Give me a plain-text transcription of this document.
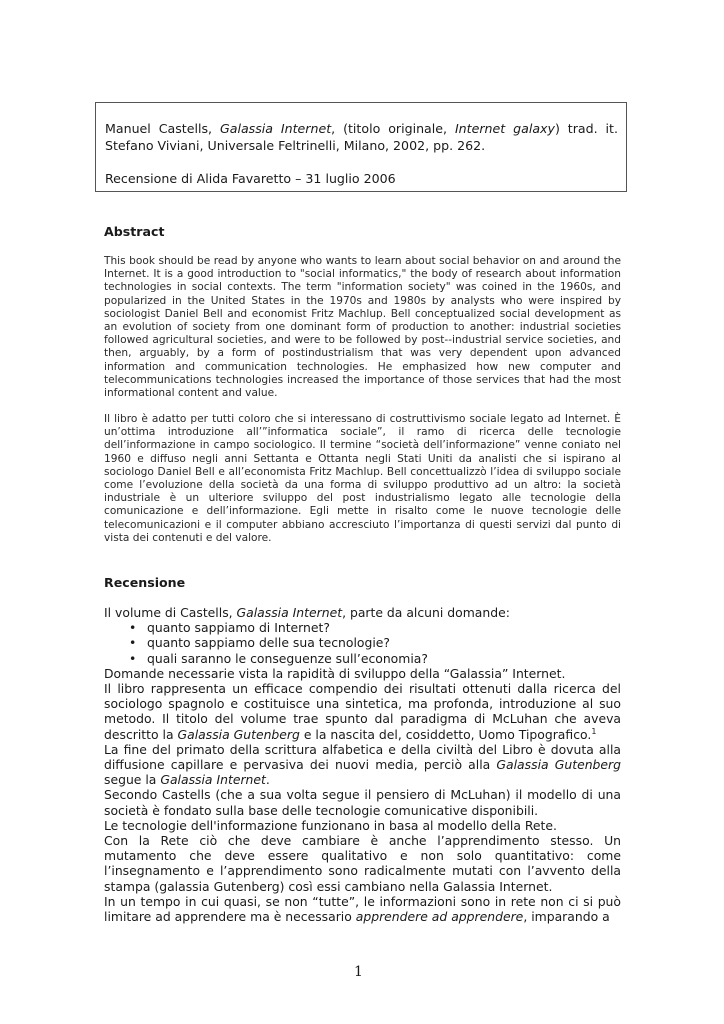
Manuel Castells, Galassia Internet, (titolo originale, Internet galaxy) trad. it. Stefano Viviani, Universale Feltrinelli, Milano, 2002, pp. 262.

Recensione di Alida Favaretto – 31 luglio 2006

Abstract
This book should be read by anyone who wants to learn about social behavior on and around the Internet. It is a good introduction to "social informatics," the body of research about information technologies in social contexts. The term "information society" was coined in the 1960s, and popularized in the United States in the 1970s and 1980s by analysts who were inspired by sociologist Daniel Bell and economist Fritz Machlup. Bell conceptualized social development as an evolution of society from one dominant form of production to another: industrial societies followed agricultural societies, and were to be followed by post--industrial service societies, and then, arguably, by a form of postindustrialism that was very dependent upon advanced information and communication technologies. He emphasized how new computer and telecommunications technologies increased the importance of those services that had the most informational content and value.
Il libro è adatto per tutti coloro che si interessano di costruttivismo sociale legato ad Internet. È un’ottima introduzione all’”informatica sociale”, il ramo di ricerca delle tecnologie dell’informazione in campo sociologico. Il termine “società dell’informazione” venne coniato nel 1960 e diffuso negli anni Settanta e Ottanta negli Stati Uniti da analisti che si ispirano al sociologo Daniel Bell e all’economista Fritz Machlup. Bell concettualizzò l’idea di sviluppo sociale come l’evoluzione della società da una forma di sviluppo produttivo ad un altro: la società industriale è un ulteriore sviluppo del post industrialismo legato alle tecnologie della comunicazione e dell’informazione. Egli mette in risalto come le nuove tecnologie delle telecomunicazioni e il computer abbiano accresciuto l’importanza di questi servizi dal punto di vista dei contenuti e del valore.
Recensione

Il volume di Castells, Galassia Internet, parte da alcuni domande:

• quanto sappiamo di Internet?
• quanto sappiamo delle sua tecnologie?
• quali saranno le conseguenze sull’economia?

Domande necessarie vista la rapidità di sviluppo della “Galassia” Internet.

Il libro rappresenta un efficace compendio dei risultati ottenuti dalla ricerca del sociologo spagnolo e costituisce una sintetica, ma profonda, introduzione al suo metodo. Il titolo del volume trae spunto dal paradigma di McLuhan che aveva descritto la Galassia Gutenberg e la nascita del, cosiddetto, Uomo Tipografico.$^1$

La fine del primato della scrittura alfabetica e della civiltà del Libro è dovuta alla diffusione capillare e pervasiva dei nuovi media, perciò alla Galassia Gutenberg segue la Galassia Internet.

Secondo Castells (che a sua volta segue il pensiero di McLuhan) il modello di una società è fondato sulla base delle tecnologie comunicative disponibili.

Le tecnologie dell'informazione funzionano in basa al modello della Rete.

Con la Rete ciò che deve cambiare è anche l’apprendimento stesso. Un mutamento che deve essere qualitativo e non solo quantitativo: come l’insegnamento e l’apprendimento sono radicalmente mutati con l’avvento della stampa (galassia Gutenberg) così essi cambiano nella Galassia Internet.

In un tempo in cui quasi, se non “tutte”, le informazioni sono in rete non ci si può limitare ad apprendere ma è necessario apprendere ad apprendere, imparando a

1
